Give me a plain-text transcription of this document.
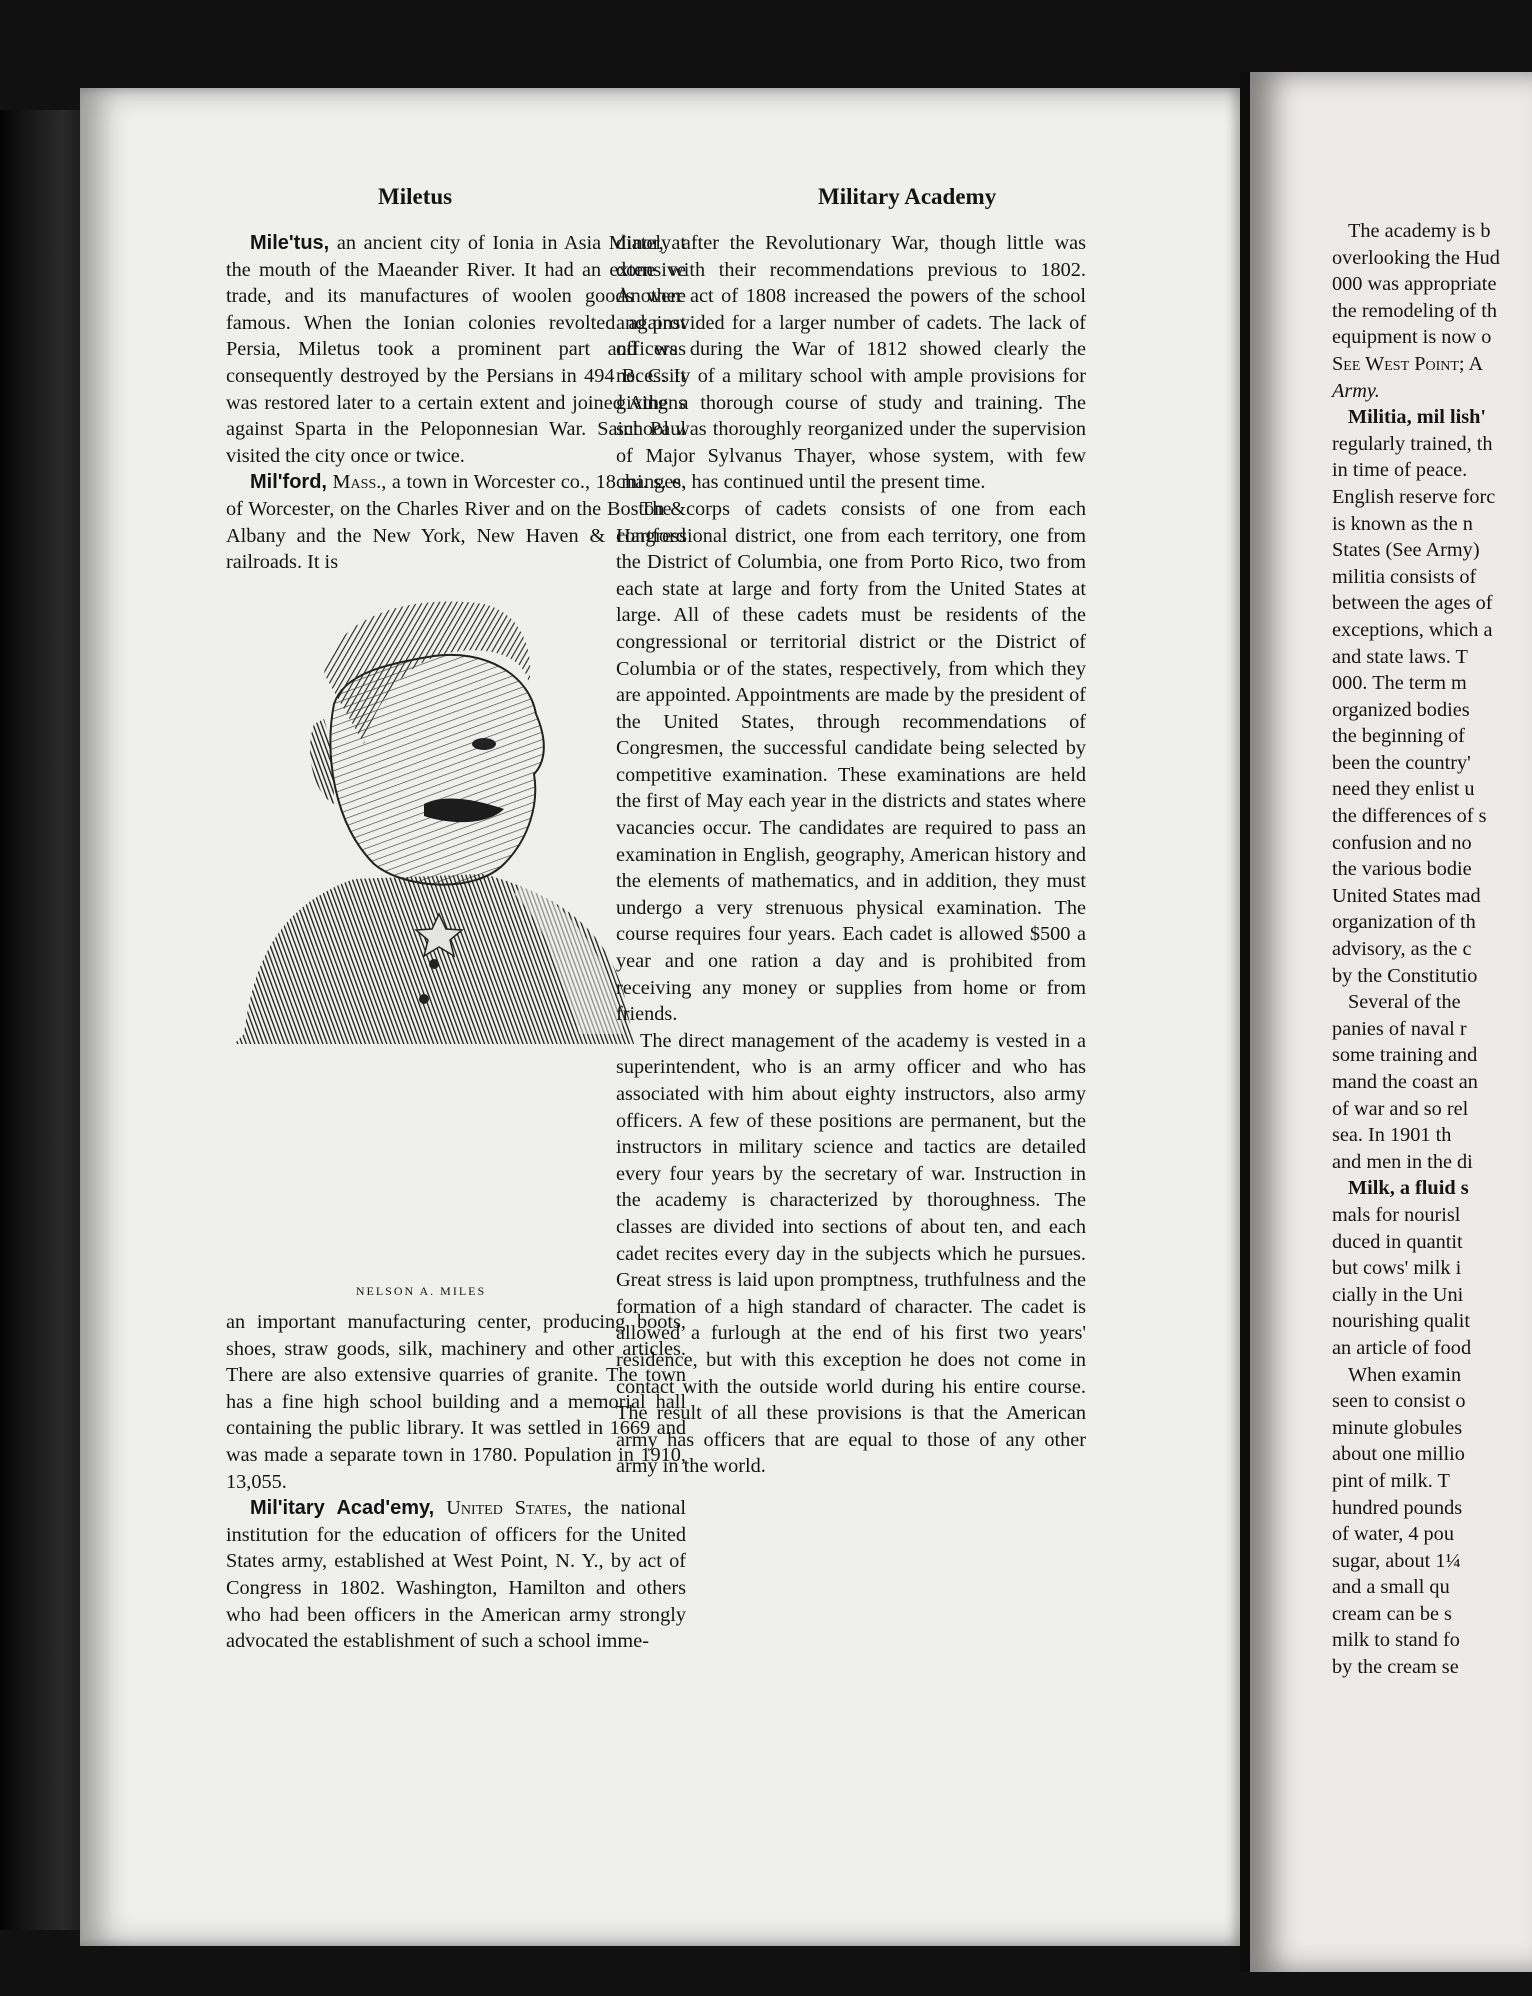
Miletus	Military Academy

Mile'tus, an ancient city of Ionia in Asia Minor, at the mouth of the Maeander River. It had an extensive trade, and its manufactures of woolen goods were famous. When the Ionian colonies revolted against Persia, Miletus took a prominent part and was consequently destroyed by the Persians in 494 B. C. It was restored later to a certain extent and joined Athens against Sparta in the Peloponnesian War. Saint Paul visited the city once or twice.

Mil'ford, Mass., a town in Worcester co., 18 mi. s. e. of Worcester, on the Charles River and on the Boston & Albany and the New York, New Haven & Hartford railroads. It is

NELSON A. MILES

an important manufacturing center, producing boots, shoes, straw goods, silk, machinery and other articles. There are also extensive quarries of granite. The town has a fine high school building and a memorial hall containing the public library. It was settled in 1669 and was made a separate town in 1780. Population in 1910, 13,055.

Mil'itary Acad'emy, United States, the national institution for the education of officers for the United States army, established at West Point, N. Y., by act of Congress in 1802. Washington, Hamilton and others who had been officers in the American army strongly advocated the establishment of such a school imme-

diately after the Revolutionary War, though little was done with their recommendations previous to 1802. Another act of 1808 increased the powers of the school and provided for a larger number of cadets. The lack of officers during the War of 1812 showed clearly the necessity of a military school with ample provisions for giving a thorough course of study and training. The school was thoroughly reorganized under the supervision of Major Sylvanus Thayer, whose system, with few changes, has continued until the present time.

The corps of cadets consists of one from each congressional district, one from each territory, one from the District of Columbia, one from Porto Rico, two from each state at large and forty from the United States at large. All of these cadets must be residents of the congressional or territorial district or the District of Columbia or of the states, respectively, from which they are appointed. Appointments are made by the president of the United States, through recommendations of Congresmen, the successful candidate being selected by competitive examination. These examinations are held the first of May each year in the districts and states where vacancies occur. The candidates are required to pass an examination in English, geography, American history and the elements of mathematics, and in addition, they must undergo a very strenuous physical examination. The course requires four years. Each cadet is allowed $500 a year and one ration a day and is prohibited from receiving any money or supplies from home or from friends.

The direct management of the academy is vested in a superintendent, who is an army officer and who has associated with him about eighty instructors, also army officers. A few of these positions are permanent, but the instructors in military science and tactics are detailed every four years by the secretary of war. Instruction in the academy is characterized by thoroughness. The classes are divided into sections of about ten, and each cadet recites every day in the subjects which he pursues. Great stress is laid upon promptness, truthfulness and the formation of a high standard of character. The cadet is allowed a furlough at the end of his first two years' residence, but with this exception he does not come in contact with the outside world during his entire course. The result of all these provisions is that the American army has officers that are equal to those of any other army in the world.

The academy is b
overlooking the Hud
000 was appropriate
the remodeling of th
equipment is now o
See West Point; A
Army.
Militia, mil lish'
regularly trained, th
in time of peace.
English reserve forc
is known as the n
States (See Army)
militia consists of
between the ages of
exceptions, which a
and state laws. T
000. The term m
organized bodies
the beginning of
been the country'
need they enlist u
the differences of s
confusion and no
the various bodie
United States mad
organization of th
advisory, as the c
by the Constitutio
Several of the
panies of naval r
some training and
mand the coast an
of war and so rel
sea. In 1901 th
and men in the di
Milk, a fluid s
mals for nourisl
duced in quantit
but cows' milk i
cially in the Uni
nourishing qualit
an article of food
When examin
seen to consist o
minute globules
about one millio
pint of milk. T
hundred pounds
of water, 4 pou
sugar, about 1¼
and a small qu
cream can be s
milk to stand fo
by the cream se
